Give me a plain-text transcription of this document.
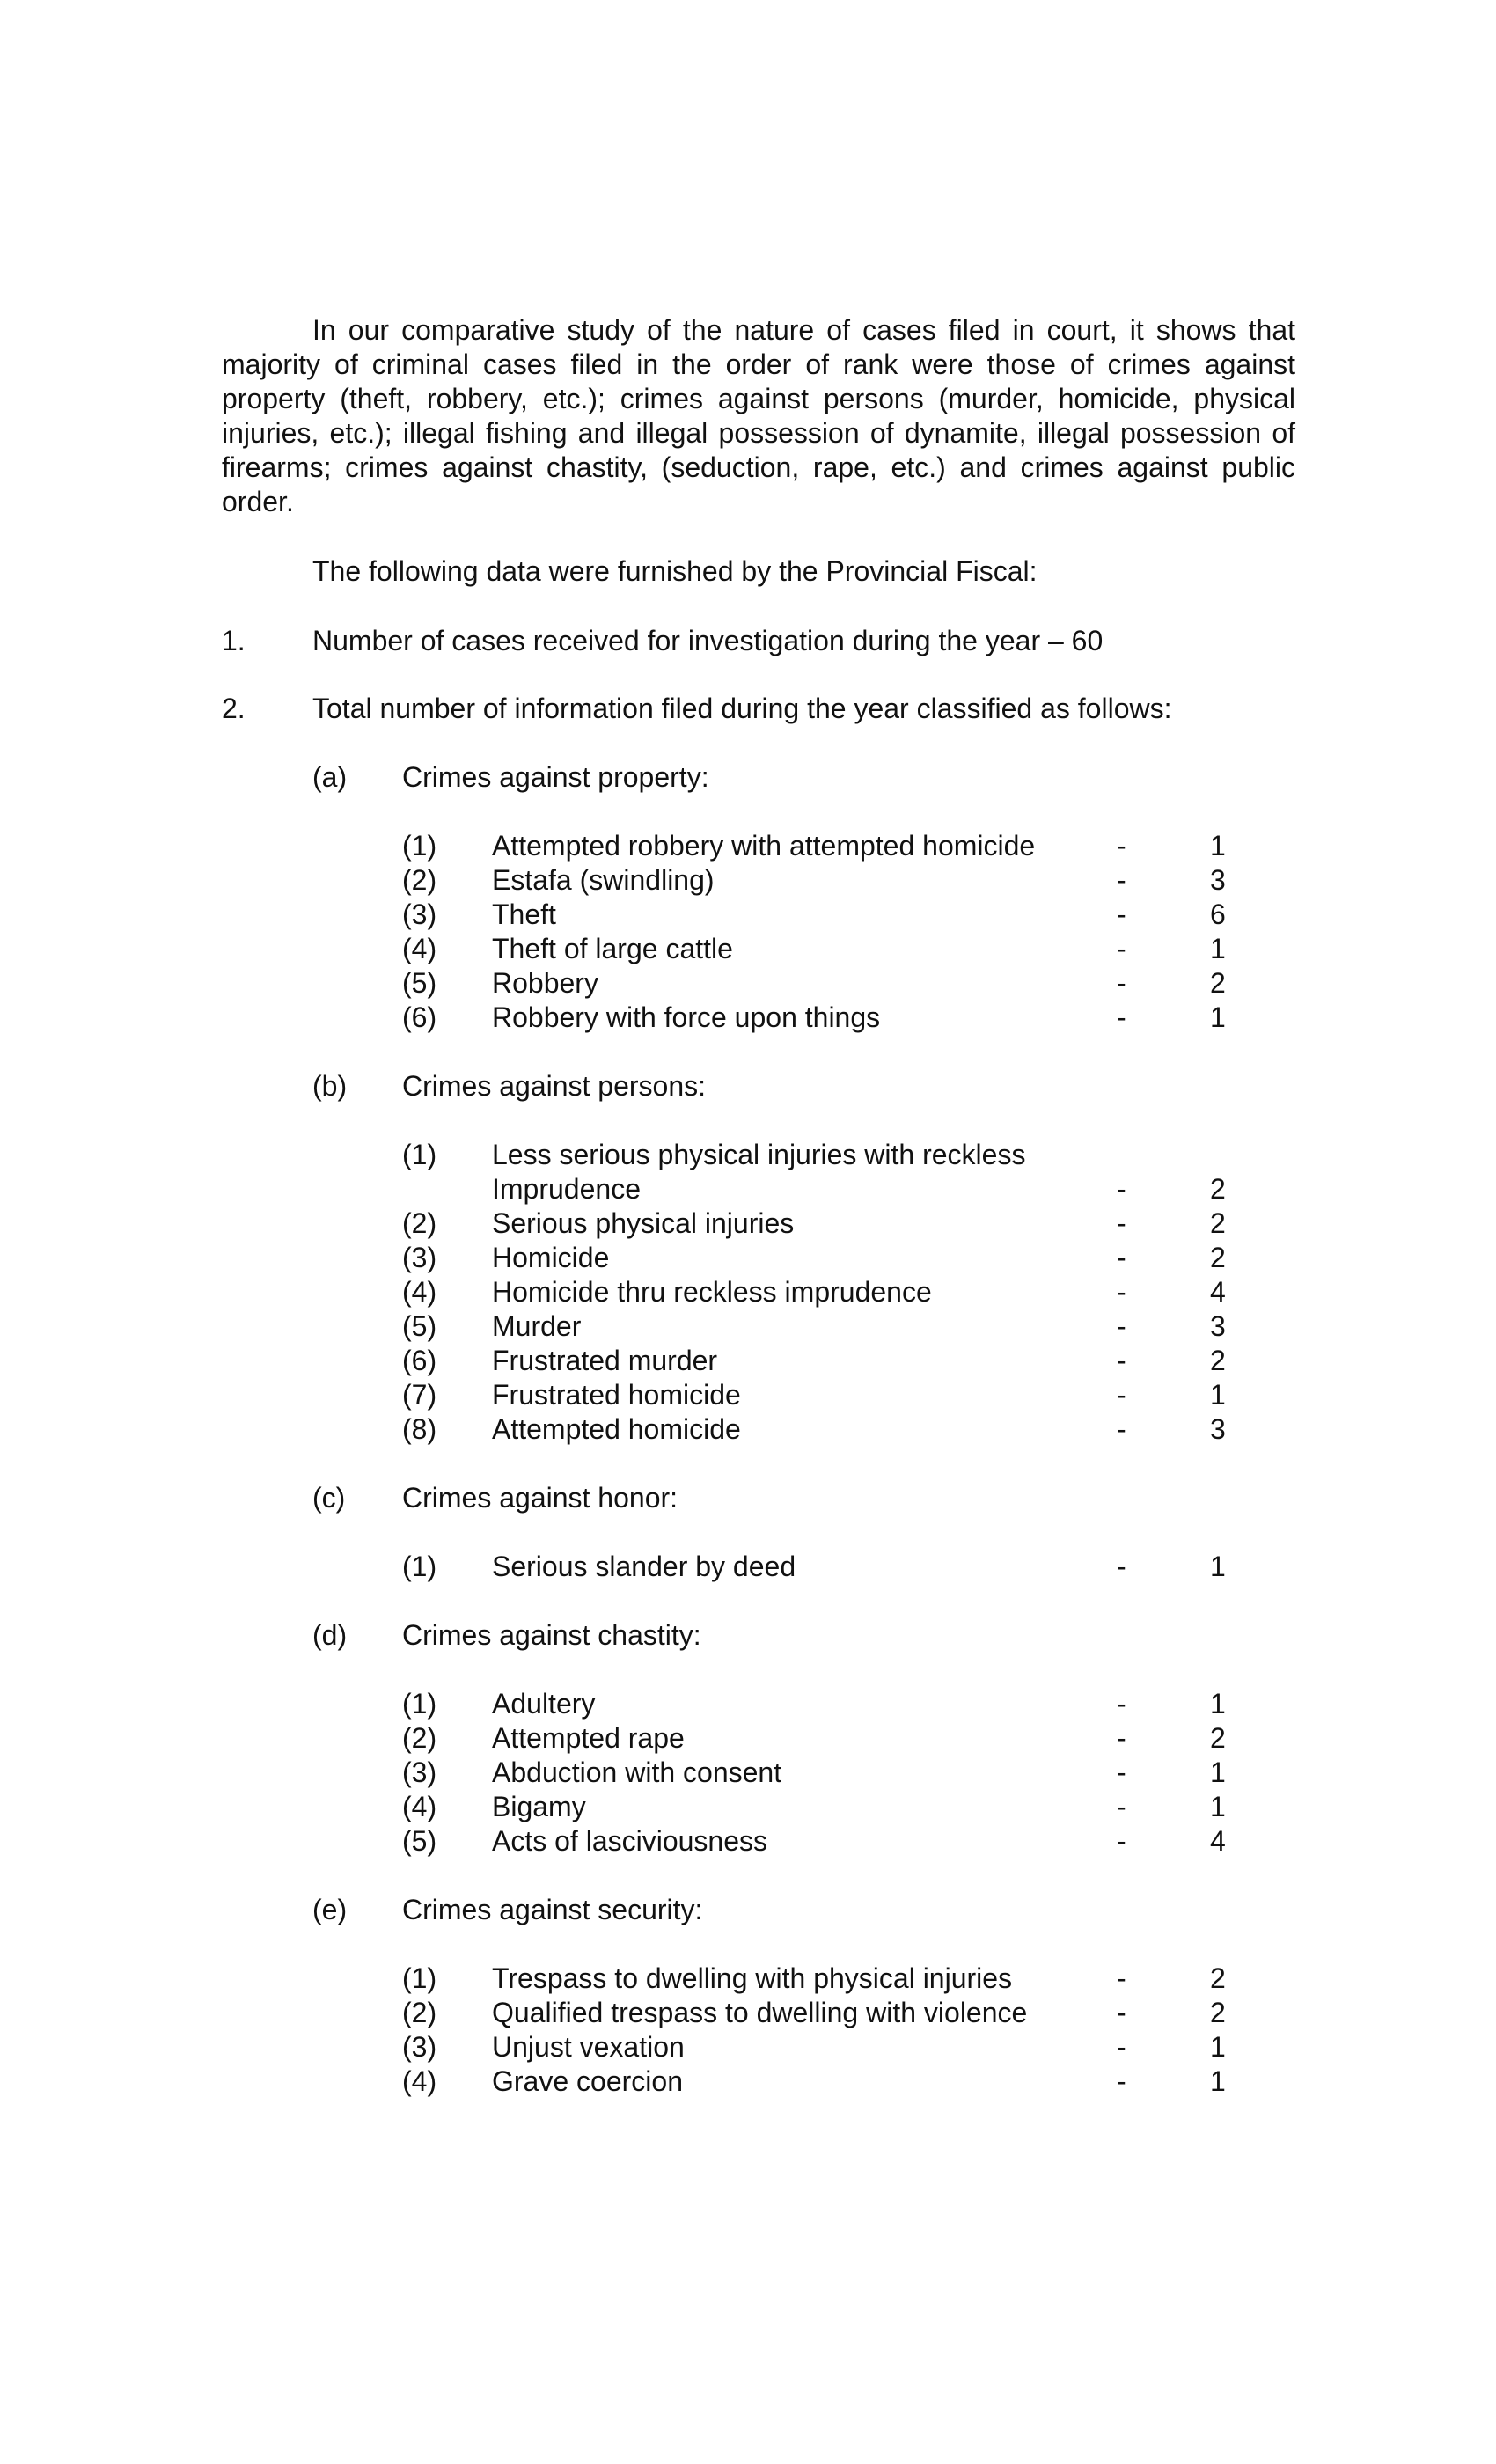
In our comparative study of the nature of cases filed in court, it shows that majority of criminal cases filed in the order of rank were those of crimes against property (theft, robbery, etc.); crimes against persons (murder, homicide, physical injuries, etc.); illegal fishing and illegal possession of dynamite, illegal possession of firearms; crimes against chastity, (seduction, rape, etc.) and crimes against public order.

The following data were furnished by the Provincial Fiscal:
1. Number of cases received for investigation during the year – 60
2. Total number of information filed during the year classified as follows:
(a) Crimes against property:
(1) Attempted robbery with attempted homicide	-	1
(2) Estafa (swindling)	-	3
(3) Theft	-	6
(4) Theft of large cattle	-	1
(5) Robbery	-	2
(6) Robbery with force upon things	-	1
(b) Crimes against persons:
(1) Less serious physical injuries with reckless
Imprudence	-	2
(2) Serious physical injuries	-	2
(3) Homicide	-	2
(4) Homicide thru reckless imprudence	-	4
(5) Murder	-	3
(6) Frustrated murder	-	2
(7) Frustrated homicide	-	1
(8) Attempted homicide	-	3
(c) Crimes against honor:
(1) Serious slander by deed	-	1
(d) Crimes against chastity:
(1) Adultery	-	1
(2) Attempted rape	-	2
(3) Abduction with consent	-	1
(4) Bigamy	-	1
(5) Acts of lasciviousness	-	4
(e) Crimes against security:
(1) Trespass to dwelling with physical injuries	-	2
(2) Qualified trespass to dwelling with violence	-	2
(3) Unjust vexation	-	1
(4) Grave coercion	-	1
